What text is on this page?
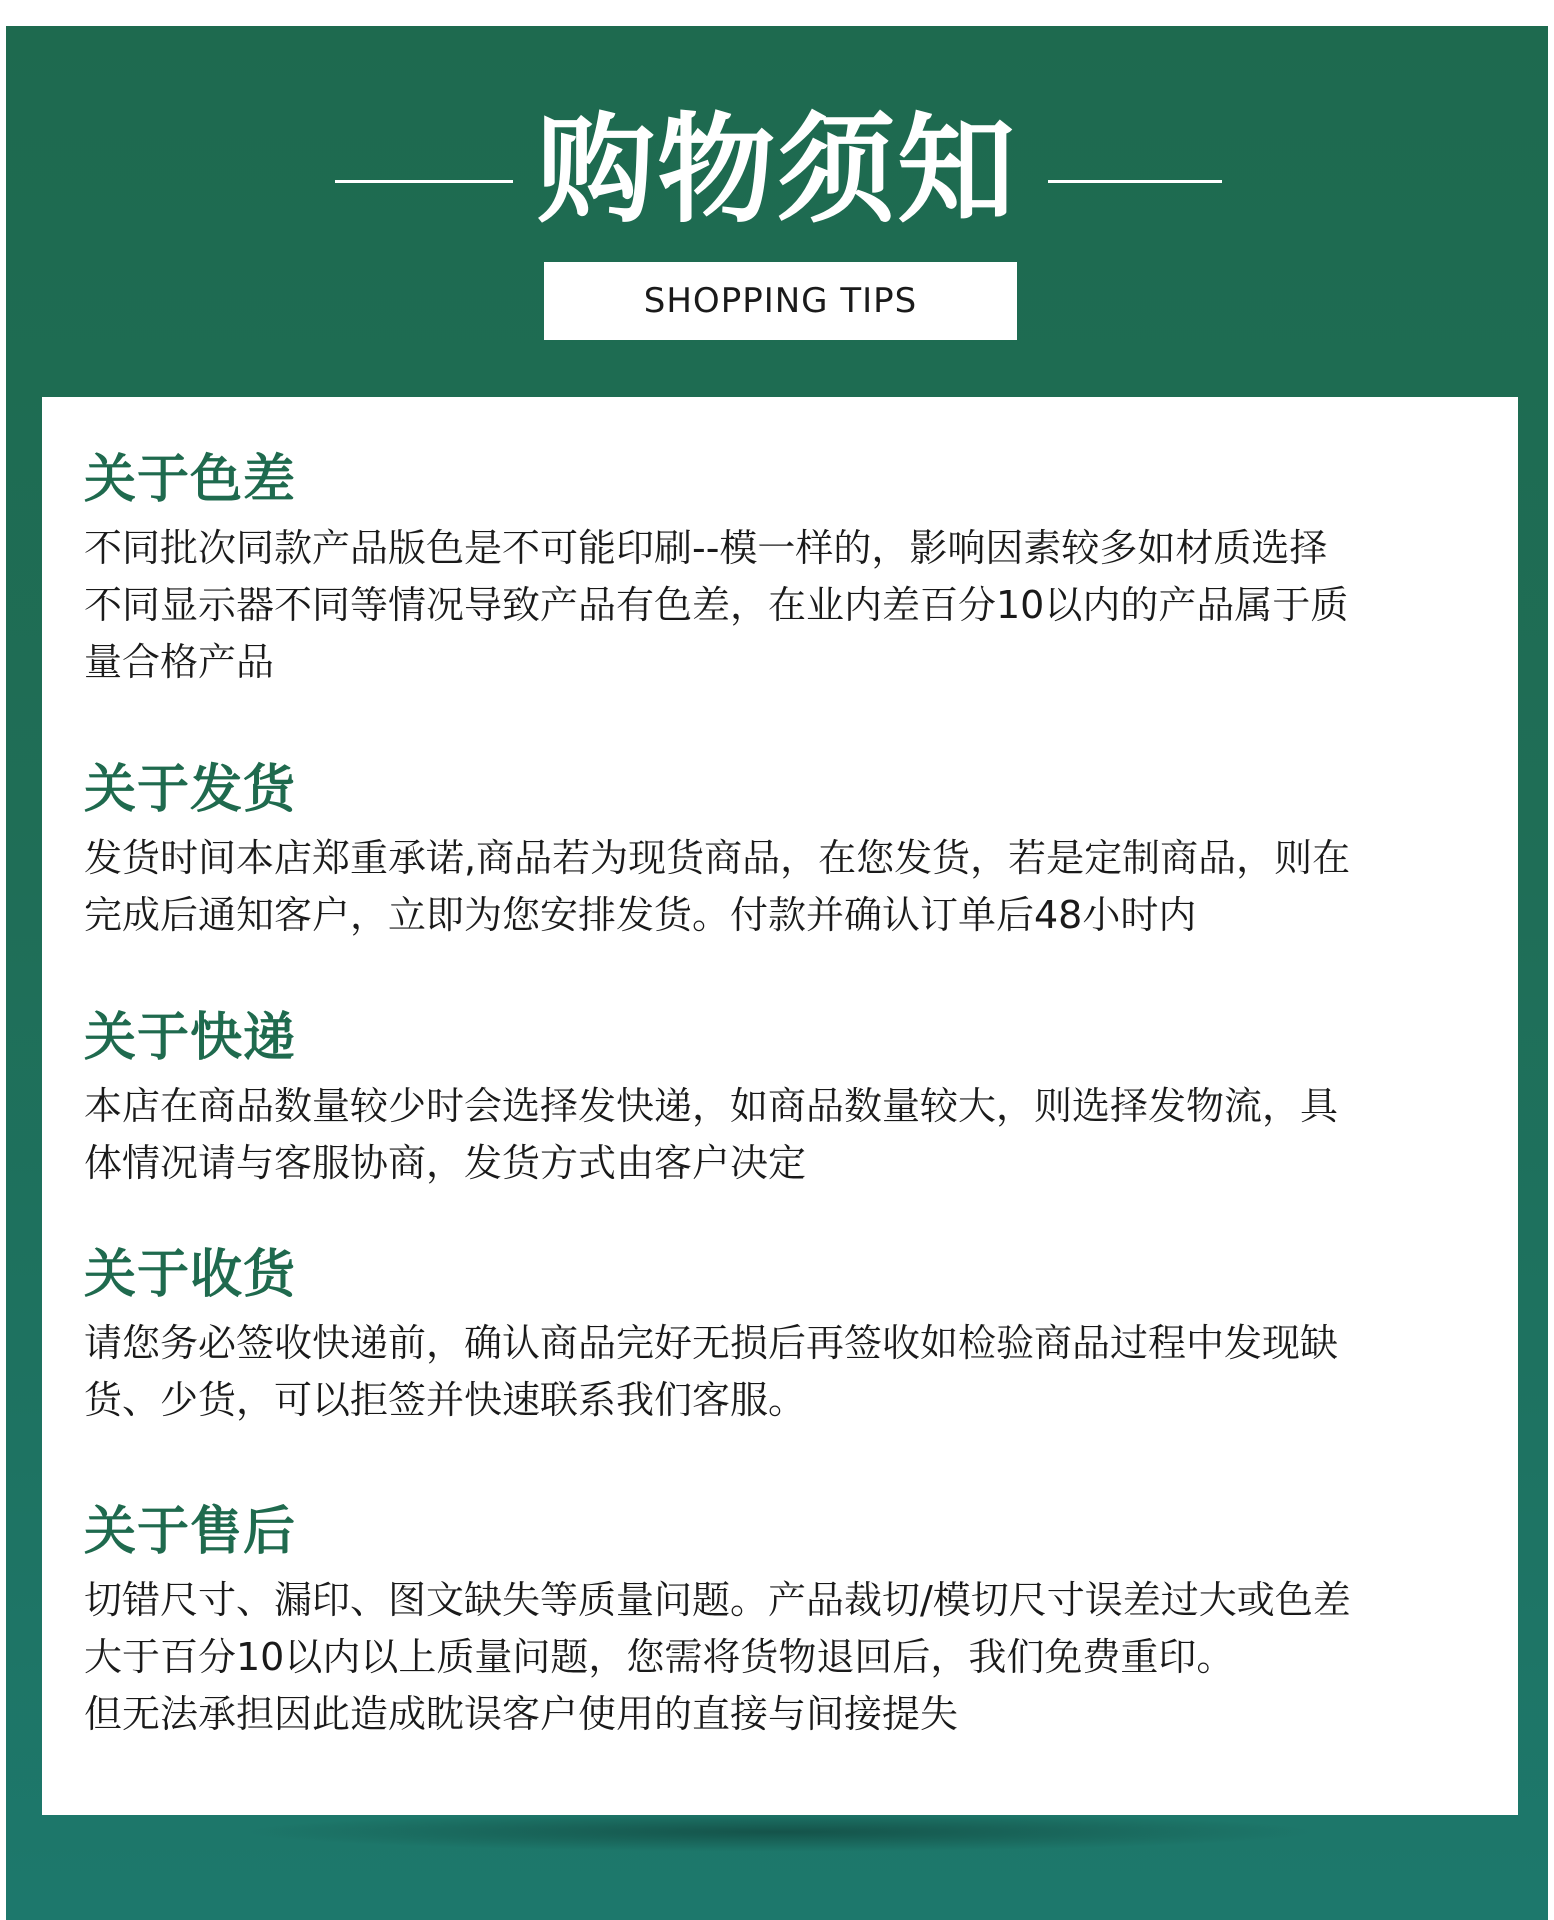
购物须知
SHOPPING TIPS
关于色差
不同批次同款产品版色是不可能印刷--模一样的，影响因素较多如材质选择
不同显示器不同等情况导致产品有色差，在业内差百分10以内的产品属于质
量合格产品
关于发货
发货时间本店郑重承诺,商品若为现货商品，在您发货，若是定制商品，则在
完成后通知客户，立即为您安排发货。付款并确认订单后48小时内
关于快递
本店在商品数量较少时会选择发快递，如商品数量较大，则选择发物流，具
体情况请与客服协商，发货方式由客户决定
关于收货
请您务必签收快递前，确认商品完好无损后再签收如检验商品过程中发现缺
货、少货，可以拒签并快速联系我们客服。
关于售后
切错尺寸、漏印、图文缺失等质量问题。产品裁切/模切尺寸误差过大或色差
大于百分10以内以上质量问题，您需将货物退回后，我们免费重印。
但无法承担因此造成眈误客户使用的直接与间接提失
